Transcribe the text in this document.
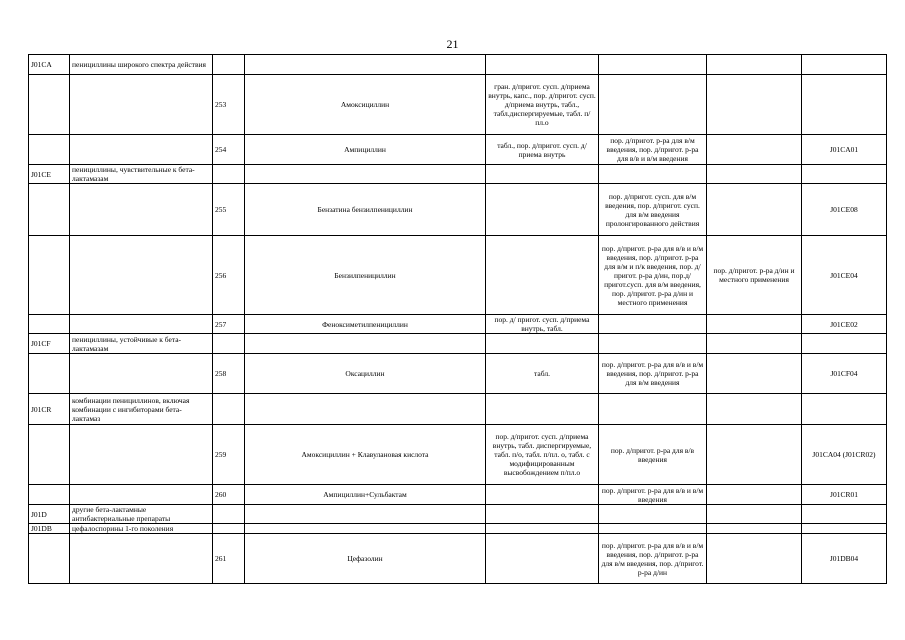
21
J01CA	пенициллины широкого спектра действия						
		253	Амоксициллин	гран. д/пригот. сусп. д/приема внутрь, капс., пор. д/пригот. сусп. д/приема внутрь, табл., табл.диспергируемые, табл. п/пл.о			
		254	Ампициллин	табл., пор. д/пригот. сусп. д/приема внутрь	пор. д/пригот. р-ра для в/м введения, пор. д/пригот. р-ра для в/в и в/м введения		J01CA01
J01CE	пенициллины, чувствительные к бета-лактамазам						
		255	Бензатина бензилпенициллин		пор. д/пригот. сусп. для в/м введения, пор. д/пригот. сусп. для в/м введения пролонгированного действия		J01CE08
		256	Бензилпенициллин		пор. д/пригот. р-ра для в/в и в/м введения, пор. д/пригот. р-ра для в/м и п/к введения, пор. д/пригот. р-ра д/ин, пор.д/пригот.сусп. для в/м введения, пор. д/пригот. р-ра д/ин и местного применения	пор. д/пригот. р-ра д/ин и местного применения	J01CE04
		257	Феноксиметилпенициллин	пор. д/ пригот. сусп. д/приема внутрь, табл.			J01CE02
J01CF	пенициллины, устойчивые к бета-лактамазам						
		258	Оксациллин	табл.	пор. д/пригот. р-ра для в/в и в/м введения, пор. д/пригот. р-ра для в/м введения		J01CF04
J01CR	комбинации пенициллинов, включая комбинации с ингибиторами бета-лактамаз						
		259	Амоксициллин + Клавулановая кислота	пор. д/пригот. сусп. д/приема внутрь, табл. диспергируемые, табл. п/о, табл. п/пл. о, табл. с модифицированным высвобождением п/пл.о	пор. д/пригот. р-ра для в/в введения		J01CA04 (J01CR02)
		260	Ампициллин+Сульбактам		пор. д/пригот. р-ра для в/в и в/м введения		J01CR01
J01D	другие бета-лактамные антибактериальные препараты						
J01DB	цефалоспорины 1-го поколения						
		261	Цефазолин		пор. д/пригот. р-ра для в/в и в/м введения, пор. д/пригот. р-ра для в/м введения, пор. д/пригот. р-ра д/ин		J01DB04
